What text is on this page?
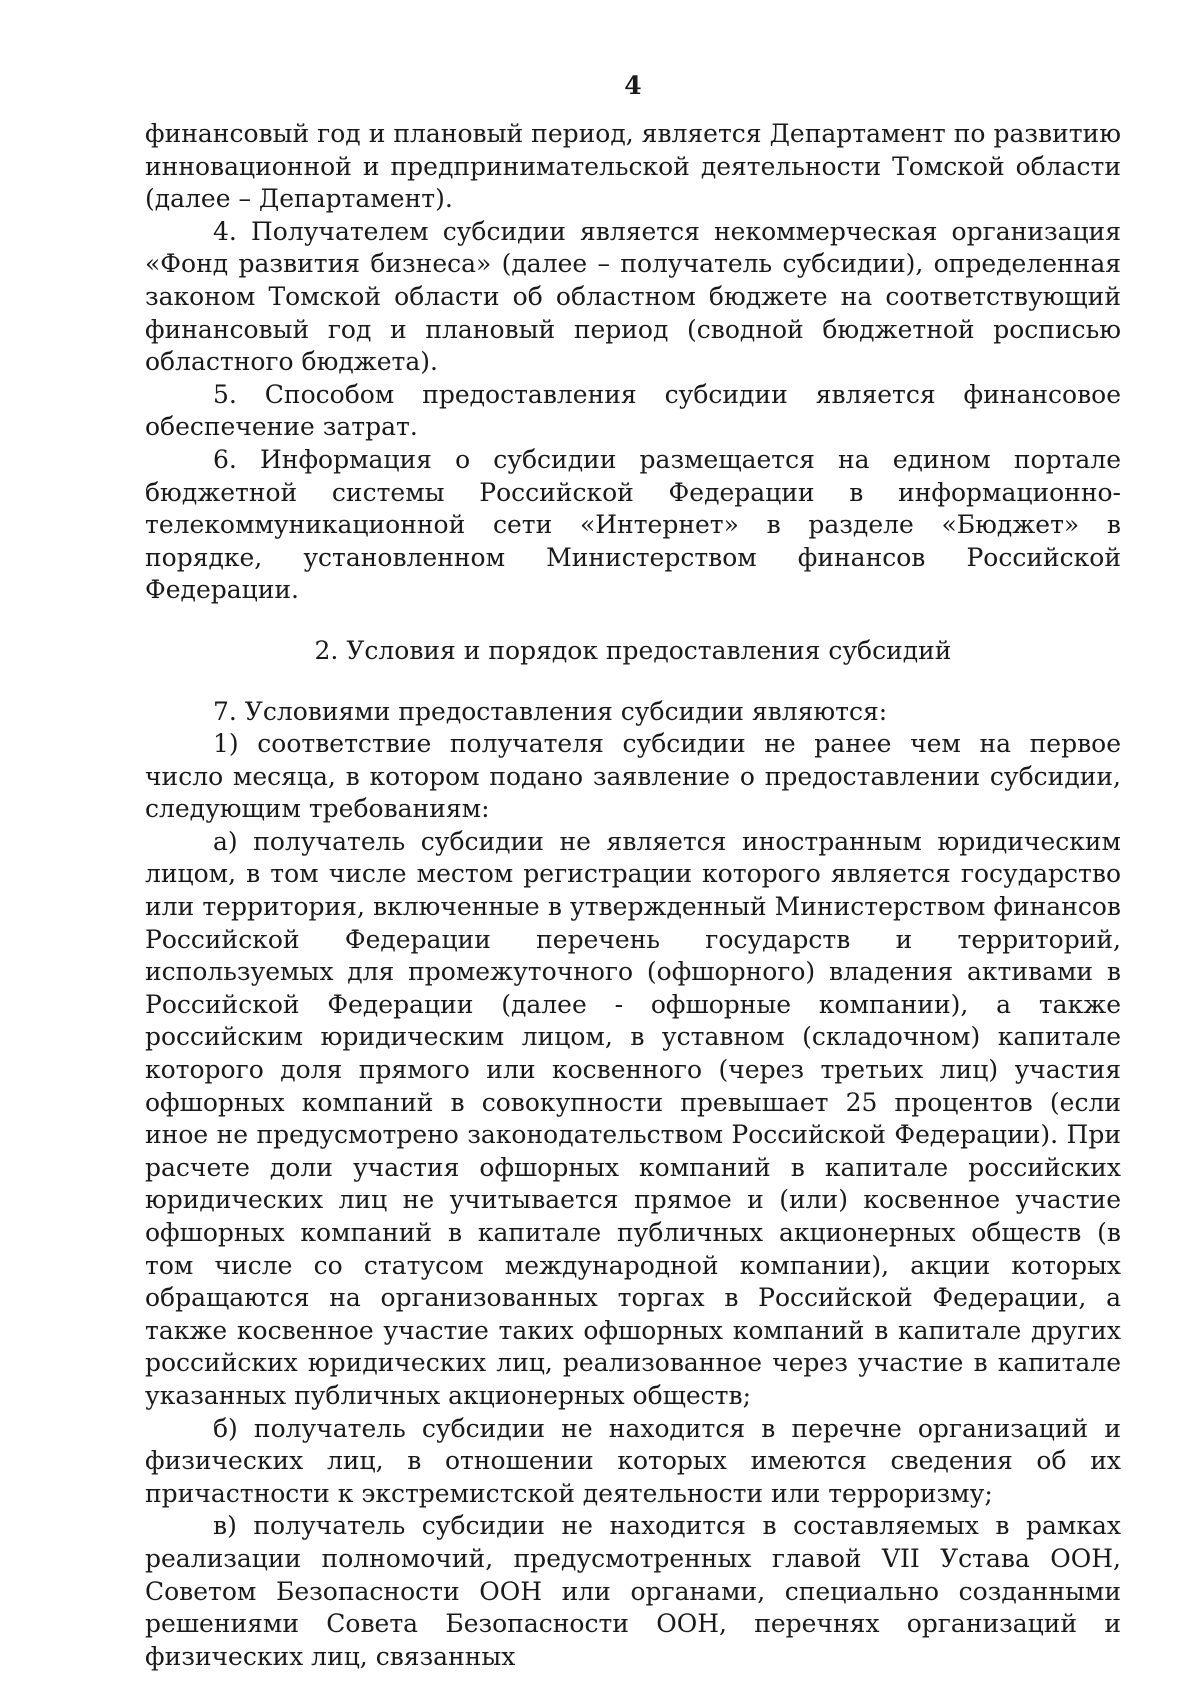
4

финансовый год и плановый период, является Департамент по развитию инновационной и предпринимательской деятельности Томской области (далее – Департамент).

4. Получателем субсидии является некоммерческая организация «Фонд развития бизнеса» (далее – получатель субсидии), определенная законом Томской области об областном бюджете на соответствующий финансовый год и плановый период (сводной бюджетной росписью областного бюджета).

5. Способом предоставления субсидии является финансовое обеспечение затрат.

6. Информация о субсидии размещается на едином портале бюджетной системы Российской Федерации в информационно-телекоммуникационной сети «Интернет» в разделе «Бюджет» в порядке, установленном Министерством финансов Российской Федерации.

2. Условия и порядок предоставления субсидий

7. Условиями предоставления субсидии являются:

1) соответствие получателя субсидии не ранее чем на первое число месяца, в котором подано заявление о предоставлении субсидии, следующим требованиям:

а) получатель субсидии не является иностранным юридическим лицом, в том числе местом регистрации которого является государство или территория, включенные в утвержденный Министерством финансов Российской Федерации перечень государств и территорий, используемых для промежуточного (офшорного) владения активами в Российской Федерации (далее - офшорные компании), а также российским юридическим лицом, в уставном (складочном) капитале которого доля прямого или косвенного (через третьих лиц) участия офшорных компаний в совокупности превышает 25 процентов (если иное не предусмотрено законодательством Российской Федерации). При расчете доли участия офшорных компаний в капитале российских юридических лиц не учитывается прямое и (или) косвенное участие офшорных компаний в капитале публичных акционерных обществ (в том числе со статусом международной компании), акции которых обращаются на организованных торгах в Российской Федерации, а также косвенное участие таких офшорных компаний в капитале других российских юридических лиц, реализованное через участие в капитале указанных публичных акционерных обществ;

б) получатель субсидии не находится в перечне организаций и физических лиц, в отношении которых имеются сведения об их причастности к экстремистской деятельности или терроризму;

в) получатель субсидии не находится в составляемых в рамках реализации полномочий, предусмотренных главой VII Устава ООН, Советом Безопасности ООН или органами, специально созданными решениями Совета Безопасности ООН, перечнях организаций и физических лиц, связанных
